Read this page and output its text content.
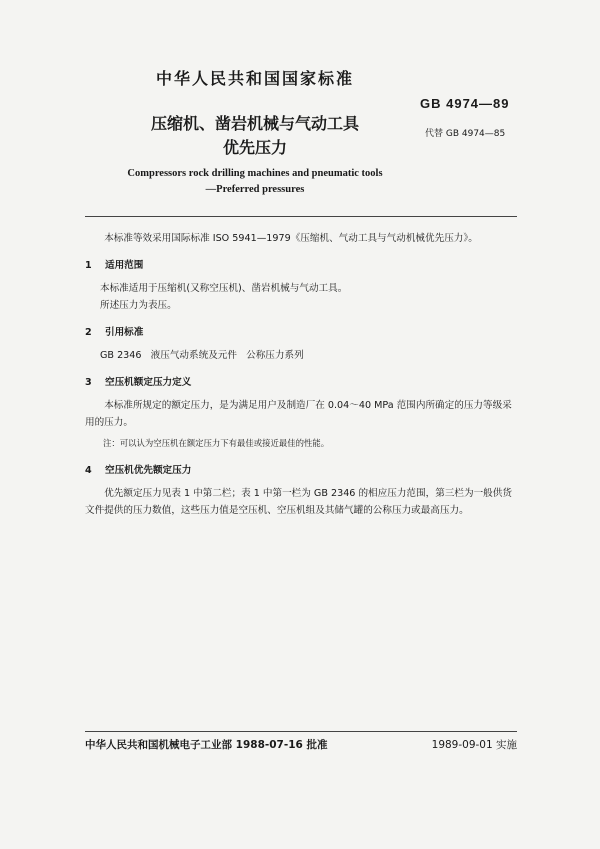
中华人民共和国国家标准
GB 4974—89
代替 GB 4974—85
压缩机、凿岩机械与气动工具
优先压力
Compressors rock drilling machines and pneumatic tools
—Preferred pressures

本标准等效采用国际标准 ISO 5941—1979《压缩机、气动工具与气动机械优先压力》。

1 适用范围

本标准适用于压缩机(又称空压机)、凿岩机械与气动工具。

所述压力为表压。

2 引用标准

GB 2346   液压气动系统及元件   公称压力系列

3 空压机额定压力定义

本标准所规定的额定压力，是为满足用户及制造厂在 0.04～40 MPa 范围内所确定的压力等级采用的压力。

注：可以认为空压机在额定压力下有最佳或接近最佳的性能。

4 空压机优先额定压力

优先额定压力见表 1 中第二栏；表 1 中第一栏为 GB 2346 的相应压力范围，第三栏为一般供货文件提供的压力数值，这些压力值是空压机、空压机组及其储气罐的公称压力或最高压力。

中华人民共和国机械电子工业部 1988-07-16 批准	1989-09-01 实施
